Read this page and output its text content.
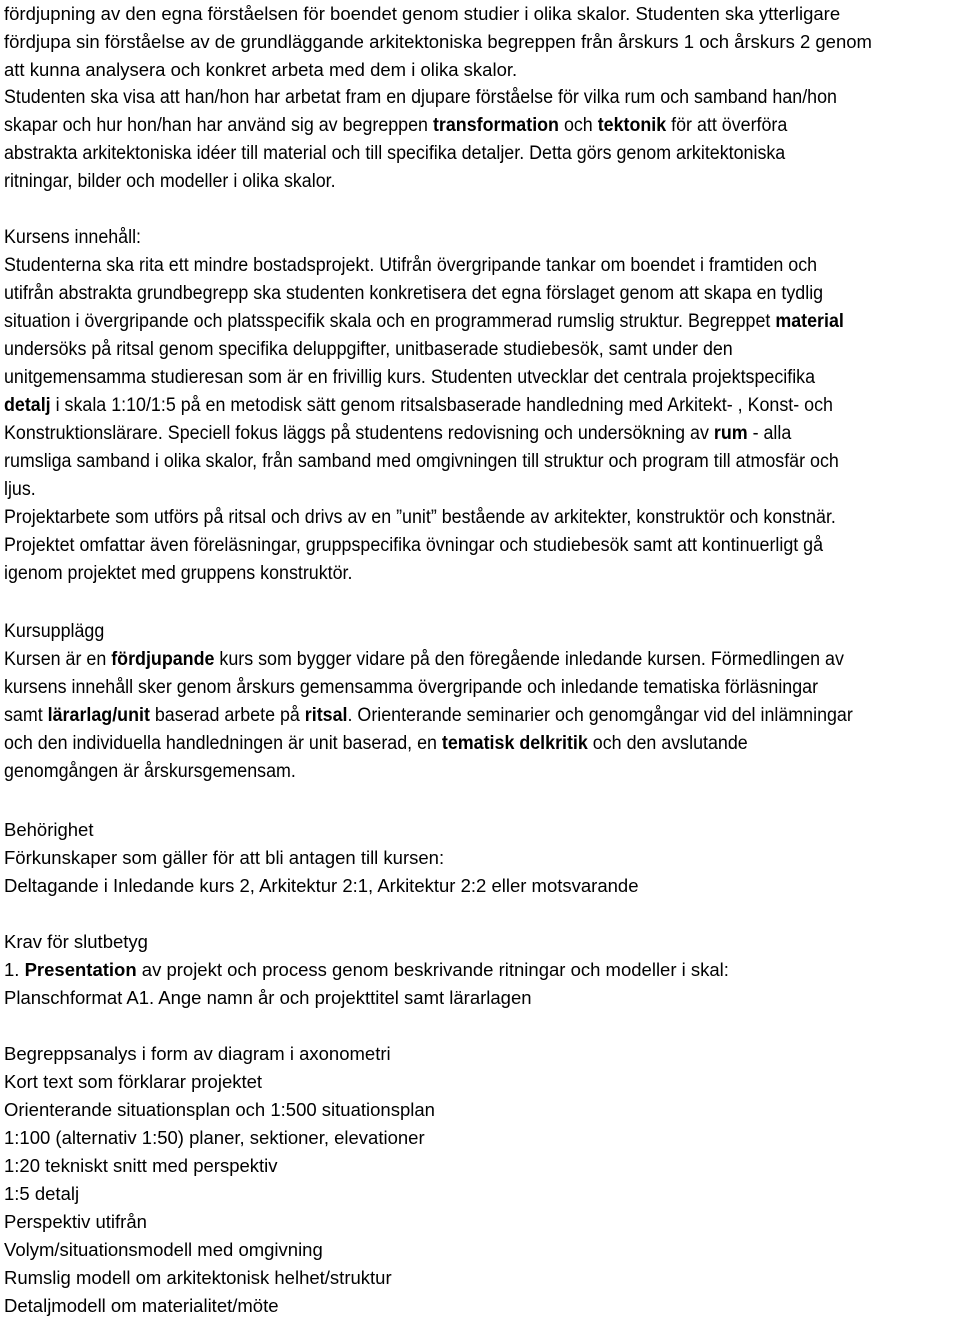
fördjupning av den egna förståelsen för boendet genom studier i olika skalor. Studenten ska ytterligare
fördjupa sin förståelse av de grundläggande arkitektoniska begreppen från årskurs 1 och årskurs 2 genom
att kunna analysera och konkret arbeta med dem i olika skalor.
Studenten ska visa att han/hon har arbetat fram en djupare förståelse för vilka rum och samband han/hon
skapar och hur hon/han har använd sig av begreppen transformation och tektonik för att överföra
abstrakta arkitektoniska idéer till material och till specifika detaljer. Detta görs genom arkitektoniska
ritningar, bilder och modeller i olika skalor.
Kursens innehåll:
Studenterna ska rita ett mindre bostadsprojekt. Utifrån övergripande tankar om boendet i framtiden och
utifrån abstrakta grundbegrepp ska studenten konkretisera det egna förslaget genom att skapa en tydlig
situation i övergripande och platsspecifik skala och en programmerad rumslig struktur. Begreppet material
undersöks på ritsal genom specifika deluppgifter, unitbaserade studiebesök, samt under den
unitgemensamma studieresan som är en frivillig kurs. Studenten utvecklar det centrala projektspecifika
detalj i skala 1:10/1:5 på en metodisk sätt genom ritsalsbaserade handledning med Arkitekt- , Konst- och
Konstruktionslärare. Speciell fokus läggs på studentens redovisning och undersökning av rum - alla
rumsliga samband i olika skalor, från samband med omgivningen till struktur och program till atmosfär och
ljus.
Projektarbete som utförs på ritsal och drivs av en ”unit” bestående av arkitekter, konstruktör och konstnär.
Projektet omfattar även föreläsningar, gruppspecifika övningar och studiebesök samt att kontinuerligt gå
igenom projektet med gruppens konstruktör.
Kursupplägg
Kursen är en fördjupande kurs som bygger vidare på den föregående inledande kursen. Förmedlingen av
kursens innehåll sker genom årskurs gemensamma övergripande och inledande tematiska förläsningar
samt lärarlag/unit baserad arbete på ritsal. Orienterande seminarier och genomgångar vid del inlämningar
och den individuella handledningen är unit baserad, en tematisk delkritik och den avslutande
genomgången är årskursgemensam.
Behörighet
Förkunskaper som gäller för att bli antagen till kursen:
Deltagande i Inledande kurs 2, Arkitektur 2:1, Arkitektur 2:2 eller motsvarande
Krav för slutbetyg
1. Presentation av projekt och process genom beskrivande ritningar och modeller i skal:
Planschformat A1. Ange namn år och projekttitel samt lärarlagen
Begreppsanalys i form av diagram i axonometri
Kort text som förklarar projektet
Orienterande situationsplan och 1:500 situationsplan
1:100 (alternativ 1:50) planer, sektioner, elevationer
1:20 tekniskt snitt med perspektiv
1:5 detalj
Perspektiv utifrån
Volym/situationsmodell med omgivning
Rumslig modell om arkitektonisk helhet/struktur
Detaljmodell om materialitet/möte
